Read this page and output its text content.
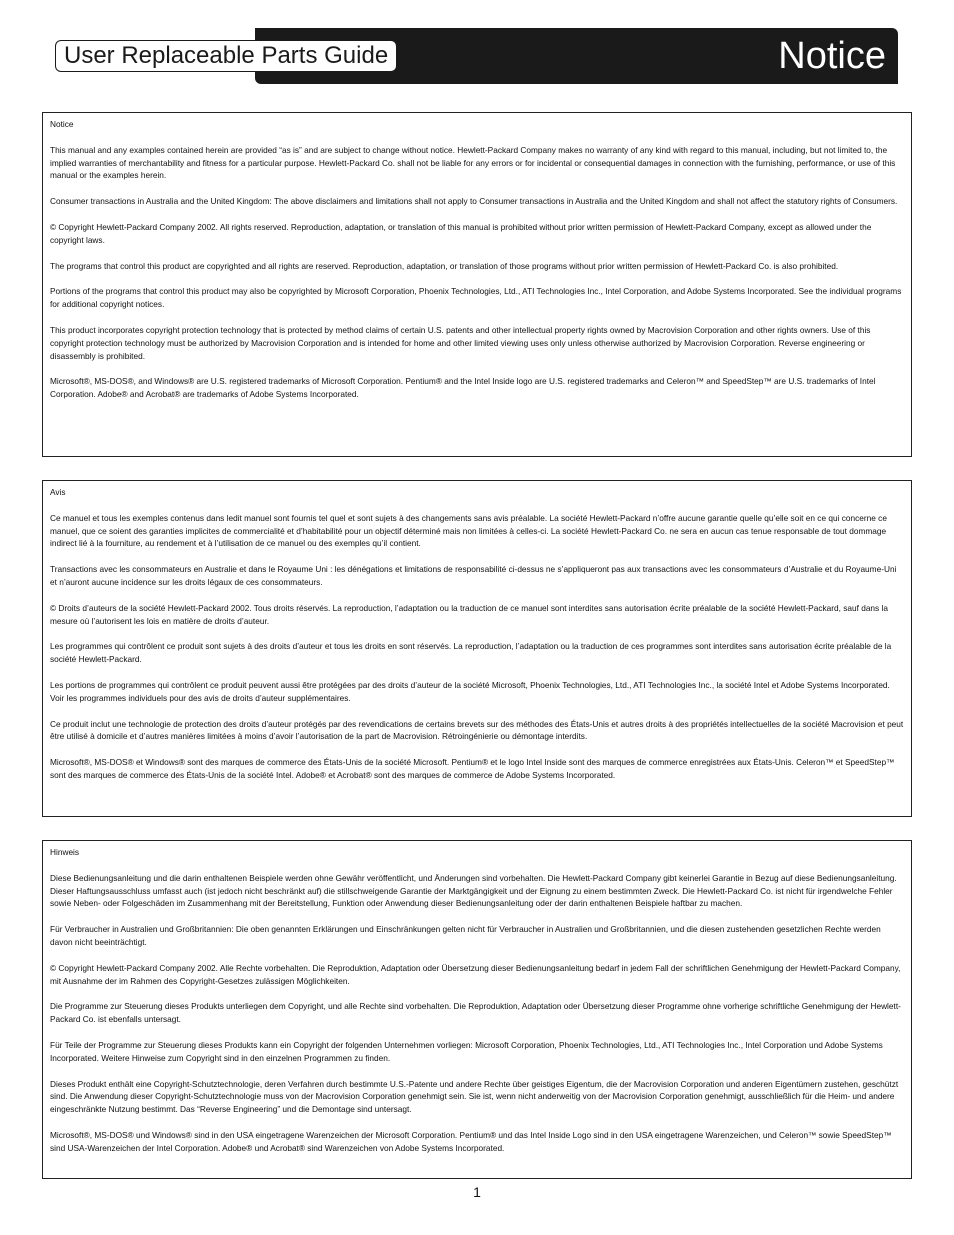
User Replaceable Parts Guide	Notice
Notice

This manual and any examples contained herein are provided “as is” and are subject to change without notice. Hewlett-Packard Company makes no warranty of any kind with regard to this manual, including, but not limited to, the implied warranties of merchantability and fitness for a particular purpose. Hewlett-Packard Co. shall not be liable for any errors or for incidental or consequential damages in connection with the furnishing, performance, or use of this manual or the examples herein.

Consumer transactions in Australia and the United Kingdom: The above disclaimers and limitations shall not apply to Consumer transactions in Australia and the United Kingdom and shall not affect the statutory rights of Consumers.

© Copyright Hewlett-Packard Company 2002. All rights reserved. Reproduction, adaptation, or translation of this manual is prohibited without prior written permission of Hewlett-Packard Company, except as allowed under the copyright laws.

The programs that control this product are copyrighted and all rights are reserved. Reproduction, adaptation, or translation of those programs without prior written permission of Hewlett-Packard Co. is also prohibited.

Portions of the programs that control this product may also be copyrighted by Microsoft Corporation, Phoenix Technologies, Ltd., ATI Technologies Inc., Intel Corporation, and Adobe Systems Incorporated. See the individual programs for additional copyright notices.

This product incorporates copyright protection technology that is protected by method claims of certain U.S. patents and other intellectual property rights owned by Macrovision Corporation and other rights owners. Use of this copyright protection technology must be authorized by Macrovision Corporation and is intended for home and other limited viewing uses only unless otherwise authorized by Macrovision Corporation. Reverse engineering or disassembly is prohibited.

Microsoft®, MS-DOS®, and Windows® are U.S. registered trademarks of Microsoft Corporation. Pentium® and the Intel Inside logo are U.S. registered trademarks and Celeron™ and SpeedStep™ are U.S. trademarks of Intel Corporation. Adobe® and Acrobat® are trademarks of Adobe Systems Incorporated.

Avis

Ce manuel et tous les exemples contenus dans ledit manuel sont fournis tel quel et sont sujets à des changements sans avis préalable. La société Hewlett-Packard n’offre aucune garantie quelle qu’elle soit en ce qui concerne ce manuel, que ce soient des garanties implicites de commercialité et d’habitabilité pour un objectif déterminé mais non limitées à celles-ci. La société Hewlett-Packard Co. ne sera en aucun cas tenue responsable de tout dommage indirect lié à la fourniture, au rendement et à l’utilisation de ce manuel ou des exemples qu’il contient.

Transactions avec les consommateurs en Australie et dans le Royaume Uni : les dénégations et limitations de responsabilité ci-dessus ne s’appliqueront pas aux transactions avec les consommateurs d’Australie et du Royaume-Uni et n’auront aucune incidence sur les droits légaux de ces consommateurs.

© Droits d’auteurs de la société Hewlett-Packard 2002. Tous droits réservés. La reproduction, l’adaptation ou la traduction de ce manuel sont interdites sans autorisation écrite préalable de la société Hewlett-Packard, sauf dans la mesure où l’autorisent les lois en matière de droits d’auteur.

Les programmes qui contrôlent ce produit sont sujets à des droits d’auteur et tous les droits en sont réservés. La reproduction, l’adaptation ou la traduction de ces programmes sont interdites sans autorisation écrite préalable de la société Hewlett-Packard.

Les portions de programmes qui contrôlent ce produit peuvent aussi être protégées par des droits d’auteur de la société Microsoft, Phoenix Technologies, Ltd., ATI Technologies Inc., la société Intel et Adobe Systems Incorporated. Voir les programmes individuels pour des avis de droits d’auteur supplémentaires.

Ce produit inclut une technologie de protection des droits d’auteur protégés par des revendications de certains brevets sur des méthodes des États-Unis et autres droits à des propriétés intellectuelles de la société Macrovision et peut être utilisé à domicile et d’autres manières limitées à moins d’avoir l’autorisation de la part de Macrovision. Rétroingénierie ou démontage interdits.

Microsoft®, MS-DOS® et Windows® sont des marques de commerce des États-Unis de la société Microsoft. Pentium® et le logo Intel Inside sont des marques de commerce enregistrées aux États-Unis. Celeron™ et SpeedStep™ sont des marques de commerce des États-Unis de la société Intel. Adobe® et Acrobat® sont des marques de commerce de Adobe Systems Incorporated.

Hinweis

Diese Bedienungsanleitung und die darin enthaltenen Beispiele werden ohne Gewähr veröffentlicht, und Änderungen sind vorbehalten. Die Hewlett-Packard Company gibt keinerlei Garantie in Bezug auf diese Bedienungsanleitung. Dieser Haftungsausschluss umfasst auch (ist jedoch nicht beschränkt auf) die stillschweigende Garantie der Marktgängigkeit und der Eignung zu einem bestimmten Zweck. Die Hewlett-Packard Co. ist nicht für irgendwelche Fehler sowie Neben- oder Folgeschäden im Zusammenhang mit der Bereitstellung, Funktion oder Anwendung dieser Bedienungsanleitung oder der darin enthaltenen Beispiele haftbar zu machen.

Für Verbraucher in Australien und Großbritannien: Die oben genannten Erklärungen und Einschränkungen gelten nicht für Verbraucher in Australien und Großbritannien, und die diesen zustehenden gesetzlichen Rechte werden davon nicht beeinträchtigt.

© Copyright Hewlett-Packard Company 2002. Alle Rechte vorbehalten. Die Reproduktion, Adaptation oder Übersetzung dieser Bedienungsanleitung bedarf in jedem Fall der schriftlichen Genehmigung der Hewlett-Packard Company, mit Ausnahme der im Rahmen des Copyright-Gesetzes zulässigen Möglichkeiten.

Die Programme zur Steuerung dieses Produkts unterliegen dem Copyright, und alle Rechte sind vorbehalten. Die Reproduktion, Adaptation oder Übersetzung dieser Programme ohne vorherige schriftliche Genehmigung der Hewlett-Packard Co. ist ebenfalls untersagt.

Für Teile der Programme zur Steuerung dieses Produkts kann ein Copyright der folgenden Unternehmen vorliegen: Microsoft Corporation, Phoenix Technologies, Ltd., ATI Technologies Inc., Intel Corporation und Adobe Systems Incorporated. Weitere Hinweise zum Copyright sind in den einzelnen Programmen zu finden.

Dieses Produkt enthält eine Copyright-Schutztechnologie, deren Verfahren durch bestimmte U.S.-Patente und andere Rechte über geistiges Eigentum, die der Macrovision Corporation und anderen Eigentümern zustehen, geschützt sind. Die Anwendung dieser Copyright-Schutztechnologie muss von der Macrovision Corporation genehmigt sein. Sie ist, wenn nicht anderweitig von der Macrovision Corporation genehmigt, ausschließlich für die Heim- und andere eingeschränkte Nutzung bestimmt. Das “Reverse Engineering” und die Demontage sind untersagt.

Microsoft®, MS-DOS® und Windows® sind in den USA eingetragene Warenzeichen der Microsoft Corporation. Pentium® und das Intel Inside Logo sind in den USA eingetragene Warenzeichen, und Celeron™ sowie SpeedStep™ sind USA-Warenzeichen der Intel Corporation. Adobe® und Acrobat® sind Warenzeichen von Adobe Systems Incorporated.

1
